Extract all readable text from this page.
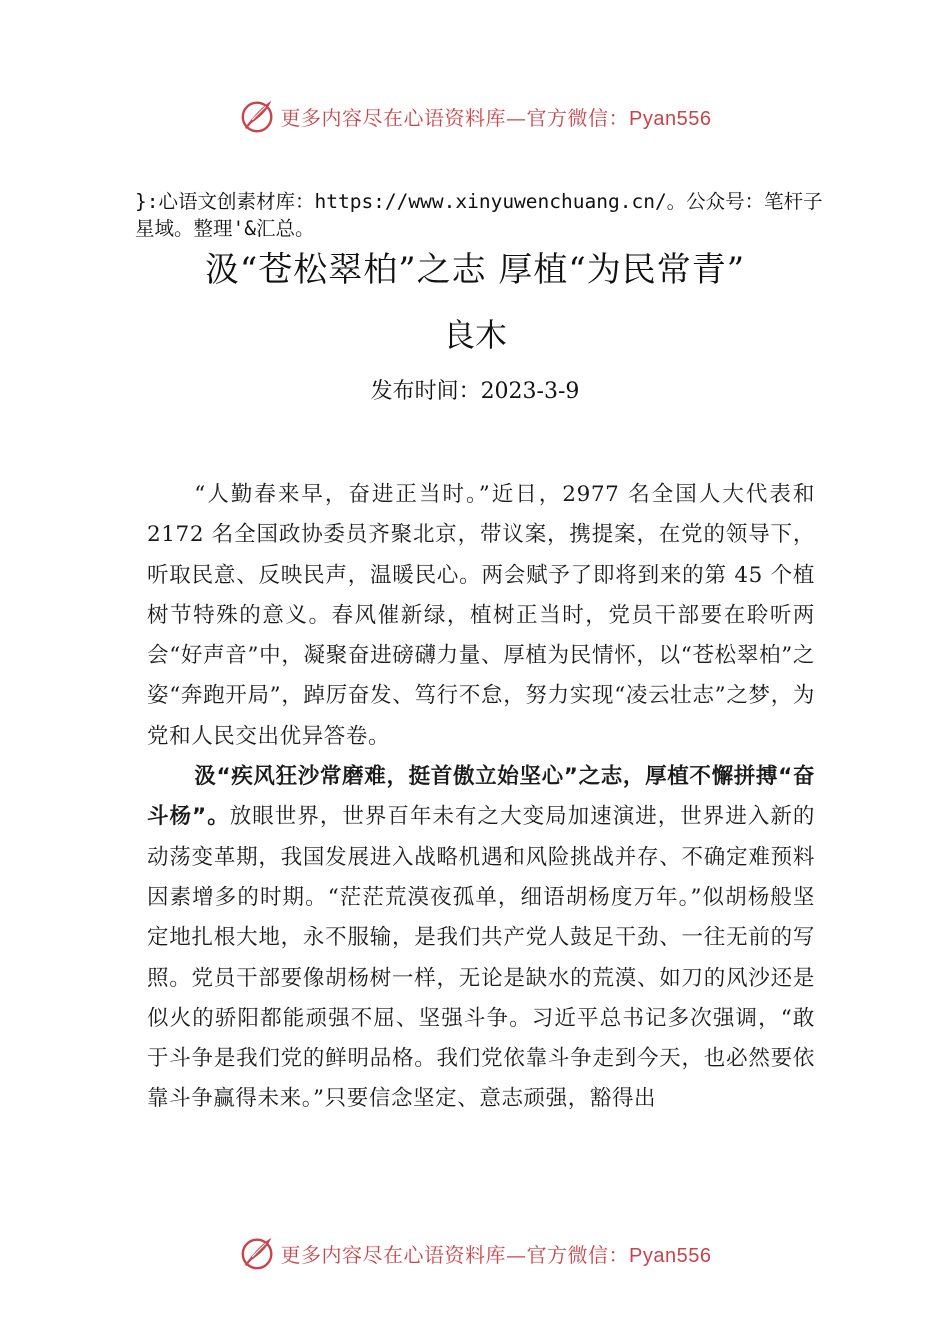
更多内容尽在心语资料库—官方微信：Pyan556
}:心语文创素材库：https://www.xinyuwenchuang.cn/。公众号：笔杆子星域。整理'&汇总。
汲“苍松翠柏”之志 厚植“为民常青”
良木
发布时间：2023-3-9

“人勤春来早，奋进正当时。”近日，2977 名全国人大代表和 2172 名全国政协委员齐聚北京，带议案，携提案，在党的领导下，听取民意、反映民声，温暖民心。两会赋予了即将到来的第 45 个植树节特殊的意义。春风催新绿，植树正当时，党员干部要在聆听两会“好声音”中，凝聚奋进磅礴力量、厚植为民情怀，以“苍松翠柏”之姿“奔跑开局”，踔厉奋发、笃行不怠，努力实现“凌云壮志”之梦，为党和人民交出优异答卷。

汲“疾风狂沙常磨难，挺首傲立始坚心”之志，厚植不懈拼搏“奋斗杨”。放眼世界，世界百年未有之大变局加速演进，世界进入新的动荡变革期，我国发展进入战略机遇和风险挑战并存、不确定难预料因素增多的时期。“茫茫荒漠夜孤单，细语胡杨度万年。”似胡杨般坚定地扎根大地，永不服输，是我们共产党人鼓足干劲、一往无前的写照。党员干部要像胡杨树一样，无论是缺水的荒漠、如刀的风沙还是似火的骄阳都能顽强不屈、坚强斗争。习近平总书记多次强调，“敢于斗争是我们党的鲜明品格。我们党依靠斗争走到今天，也必然要依靠斗争赢得未来。”只要信念坚定、意志顽强，豁得出

更多内容尽在心语资料库—官方微信：Pyan556
